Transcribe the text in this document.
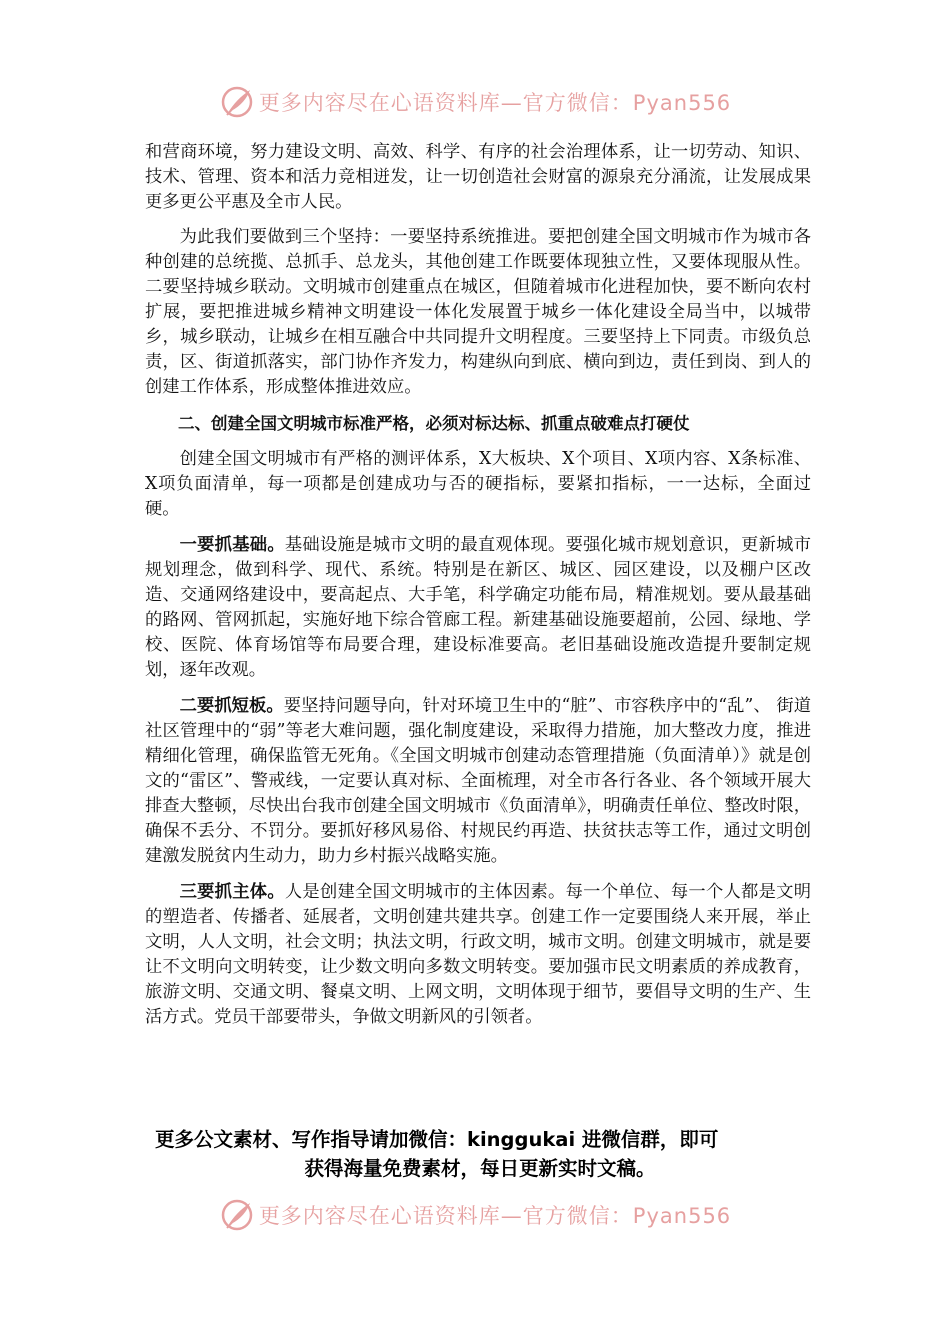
更多内容尽在心语资料库—官方微信：Pyan556

和营商环境，努力建设文明、高效、科学、有序的社会治理体系，让一切劳动、知识、技术、管理、资本和活力竞相迸发，让一切创造社会财富的源泉充分涌流，让发展成果更多更公平惠及全市人民。

为此我们要做到三个坚持：一要坚持系统推进。要把创建全国文明城市作为城市各种创建的总统揽、总抓手、总龙头，其他创建工作既要体现独立性，又要体现服从性。二要坚持城乡联动。文明城市创建重点在城区，但随着城市化进程加快，要不断向农村扩展，要把推进城乡精神文明建设一体化发展置于城乡一体化建设全局当中，以城带乡，城乡联动，让城乡在相互融合中共同提升文明程度。三要坚持上下同责。市级负总责，区、街道抓落实，部门协作齐发力，构建纵向到底、横向到边，责任到岗、到人的创建工作体系，形成整体推进效应。

二、创建全国文明城市标准严格，必须对标达标、抓重点破难点打硬仗

创建全国文明城市有严格的测评体系，X大板块、X个项目、X项内容、X条标准、X项负面清单，每一项都是创建成功与否的硬指标，要紧扣指标，一一达标，全面过硬。

一要抓基础。基础设施是城市文明的最直观体现。要强化城市规划意识，更新城市规划理念，做到科学、现代、系统。特别是在新区、城区、园区建设，以及棚户区改造、交通网络建设中，要高起点、大手笔，科学确定功能布局，精准规划。要从最基础的路网、管网抓起，实施好地下综合管廊工程。新建基础设施要超前，公园、绿地、学校、医院、体育场馆等布局要合理，建设标准要高。老旧基础设施改造提升要制定规划，逐年改观。

二要抓短板。要坚持问题导向，针对环境卫生中的“脏”、市容秩序中的“乱”、 街道社区管理中的“弱”等老大难问题，强化制度建设，采取得力措施，加大整改力度，推进精细化管理，确保监管无死角。《全国文明城市创建动态管理措施（负面清单）》就是创文的“雷区”、警戒线，一定要认真对标、全面梳理，对全市各行各业、各个领域开展大排查大整顿，尽快出台我市创建全国文明城市《负面清单》，明确责任单位、整改时限，确保不丢分、不罚分。要抓好移风易俗、村规民约再造、扶贫扶志等工作，通过文明创建激发脱贫内生动力，助力乡村振兴战略实施。

三要抓主体。人是创建全国文明城市的主体因素。每一个单位、每一个人都是文明的塑造者、传播者、延展者，文明创建共建共享。创建工作一定要围绕人来开展，举止文明，人人文明，社会文明；执法文明，行政文明，城市文明。创建文明城市，就是要让不文明向文明转变，让少数文明向多数文明转变。要加强市民文明素质的养成教育，旅游文明、交通文明、餐桌文明、上网文明，文明体现于细节，要倡导文明的生产、生活方式。党员干部要带头，争做文明新风的引领者。

更多公文素材、写作指导请加微信：kinggukai 进微信群，即可
获得海量免费素材，每日更新实时文稿。
更多内容尽在心语资料库—官方微信：Pyan556
